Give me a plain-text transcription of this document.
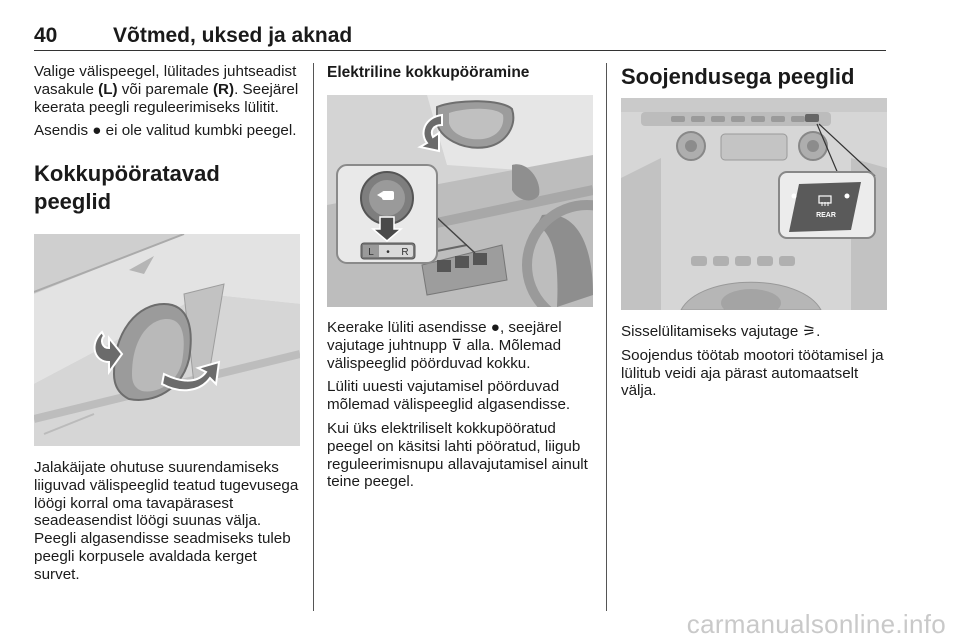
40	Võtmed, uksed ja aknad

Valige välispeegel, lülitades juhtseadist vasakule (L) või paremale (R). Seejärel keerata peegli reguleerimiseks lülitit.

Asendis ● ei ole valitud kumbki peegel.

Kokkupööratavad peeglid

Jalakäijate ohutuse suurendamiseks liiguvad välispeeglid teatud tugevusega löögi korral oma tavapärasest seadeasendist löögi suunas välja. Peegli algasendisse seadmiseks tuleb peegli korpusele avaldada kerget survet.

Elektriline kokkupööramine
L • R

Keerake lüliti asendisse ●, seejärel vajutage juhtnupp ⊽ alla. Mõlemad välispeeglid pöörduvad kokku.

Lüliti uuesti vajutamisel pöörduvad mõlemad välispeeglid algasendisse.

Kui üks elektriliselt kokkupööratud peegel on käsitsi lahti pööratud, liigub reguleerimisnupu allavajutamisel ainult teine peegel.

Soojendusega peeglid
REAR

Sisselülitamiseks vajutage ⚞.

Soojendus töötab mootori töötamisel ja lülitub veidi aja pärast automaatselt välja.

carmanualsonline.info
